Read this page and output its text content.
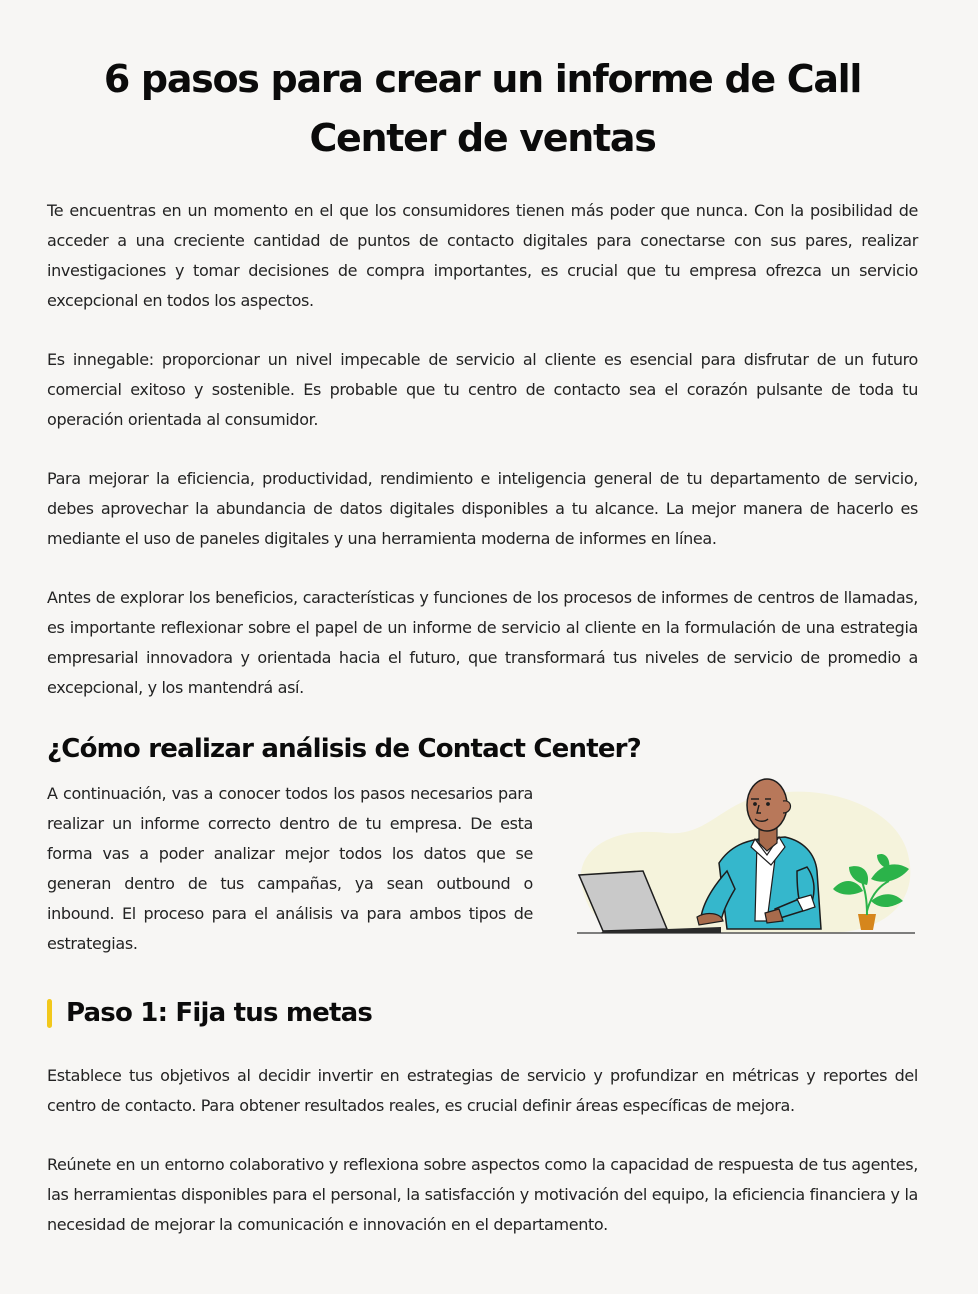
6 pasos para crear un informe de Call Center de ventas

Te encuentras en un momento en el que los consumidores tienen más poder que nunca. Con la posibilidad de acceder a una creciente cantidad de puntos de contacto digitales para conectarse con sus pares, realizar investigaciones y tomar decisiones de compra importantes, es crucial que tu empresa ofrezca un servicio excepcional en todos los aspectos.

Es innegable: proporcionar un nivel impecable de servicio al cliente es esencial para disfrutar de un futuro comercial exitoso y sostenible. Es probable que tu centro de contacto sea el corazón pulsante de toda tu operación orientada al consumidor.

Para mejorar la eficiencia, productividad, rendimiento e inteligencia general de tu departamento de servicio, debes aprovechar la abundancia de datos digitales disponibles a tu alcance. La mejor manera de hacerlo es mediante el uso de paneles digitales y una herramienta moderna de informes en línea.

Antes de explorar los beneficios, características y funciones de los procesos de informes de centros de llamadas, es importante reflexionar sobre el papel de un informe de servicio al cliente en la formulación de una estrategia empresarial innovadora y orientada hacia el futuro, que transformará tus niveles de servicio de promedio a excepcional, y los mantendrá así.

¿Cómo realizar análisis de Contact Center?

A continuación, vas a conocer todos los pasos necesarios para realizar un informe correcto dentro de tu empresa. De esta forma vas a poder analizar mejor todos los datos que se generan dentro de tus campañas, ya sean outbound o inbound. El proceso para el análisis va para ambos tipos de estrategias.

Paso 1: Fija tus metas

Establece tus objetivos al decidir invertir en estrategias de servicio y profundizar en métricas y reportes del centro de contacto. Para obtener resultados reales, es crucial definir áreas específicas de mejora.

Reúnete en un entorno colaborativo y reflexiona sobre aspectos como la capacidad de respuesta de tus agentes, las herramientas disponibles para el personal, la satisfacción y motivación del equipo, la eficiencia financiera y la necesidad de mejorar la comunicación e innovación en el departamento.
